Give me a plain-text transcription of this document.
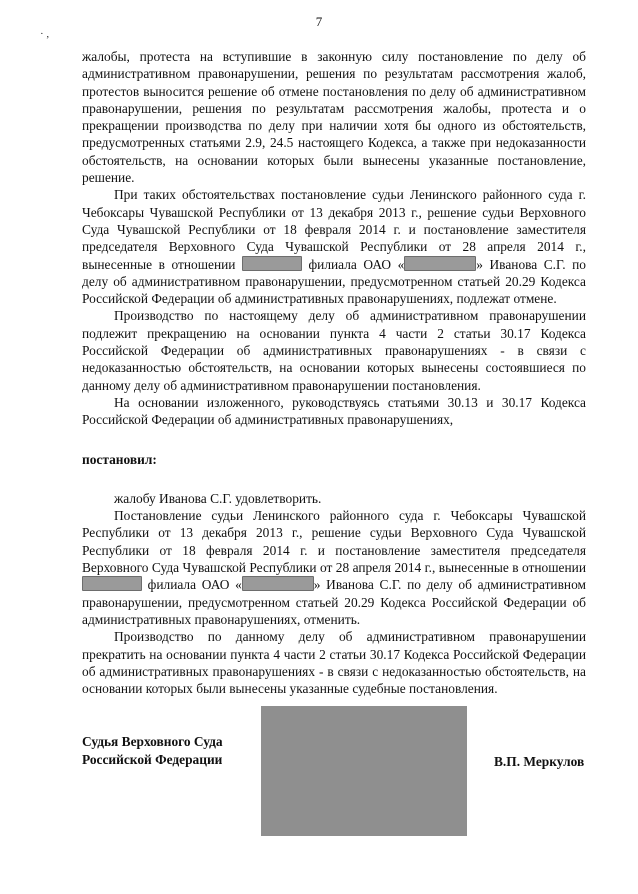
7
· ,

жалобы, протеста на вступившие в законную силу постановление по делу об административном правонарушении, решения по результатам рассмотрения жалоб, протестов выносится решение об отмене постановления по делу об административном правонарушении, решения по результатам рассмотрения жалобы, протеста и о прекращении производства по делу при наличии хотя бы одного из обстоятельств, предусмотренных статьями 2.9, 24.5 настоящего Кодекса, а также при недоказанности обстоятельств, на основании которых были вынесены указанные постановление, решение.

При таких обстоятельствах постановление судьи Ленинского районного суда г. Чебоксары Чувашской Республики от 13 декабря 2013 г., решение судьи Верховного Суда Чувашской Республики от 18 февраля 2014 г. и постановление заместителя председателя Верховного Суда Чувашской Республики от 28 апреля 2014 г., вынесенные в отношении	филиала ОАО «	» Иванова С.Г. по делу об административном правонарушении, предусмотренном статьей 20.29 Кодекса Российской Федерации об административных правонарушениях, подлежат отмене.

Производство по настоящему делу об административном правонарушении подлежит прекращению на основании пункта 4 части 2 статьи 30.17 Кодекса Российской Федерации об административных правонарушениях - в связи с недоказанностью обстоятельств, на основании которых вынесены состоявшиеся по данному делу об административном правонарушении постановления.

На основании изложенного, руководствуясь статьями 30.13 и 30.17 Кодекса Российской Федерации об административных правонарушениях,

постановил:

жалобу Иванова С.Г. удовлетворить.

Постановление судьи Ленинского районного суда г. Чебоксары Чувашской Республики от 13 декабря 2013 г., решение судьи Верховного Суда Чувашской Республики от 18 февраля 2014 г. и постановление заместителя председателя Верховного Суда Чувашской Республики от 28 апреля 2014 г., вынесенные в отношении  филиала ОАО «	» Иванова С.Г. по делу об административном правонарушении, предусмотренном статьей 20.29 Кодекса Российской Федерации об административных правонарушениях, отменить.

Производство по данному делу об административном правонарушении прекратить на основании пункта 4 части 2 статьи 30.17 Кодекса Российской Федерации об административных правонарушениях - в связи с недоказанностью обстоятельств, на основании которых были вынесены указанные судебные постановления.

Судья Верховного Суда
Российской Федерации	В.П. Меркулов
